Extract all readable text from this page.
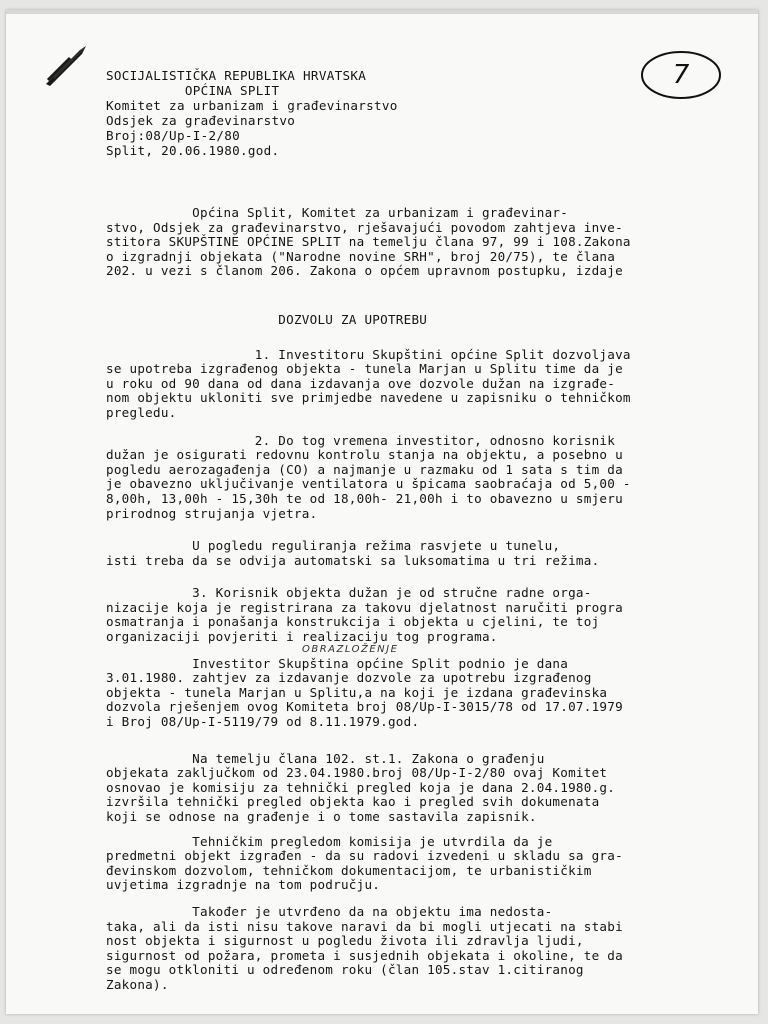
7
SOCIJALISTIČKA REPUBLIKA HRVATSKA
OPĆINA SPLIT
Komitet za urbanizam i građevinarstvo
Odsjek za građevinarstvo
Broj:08/Up-I-2/80
Split, 20.06.1980.god.
Općina Split, Komitet za urbanizam i građevinar-
stvo, Odsjek za građevinarstvo, rješavajući povodom zahtjeva inve-
stitora SKUPŠTINE OPĆINE SPLIT na temelju člana 97, 99 i 108.Zakona
o izgradnji objekata ("Narodne novine SRH", broj 20/75), te člana
202. u vezi s članom 206. Zakona o općem upravnom postupku, izdaje
DOZVOLU ZA UPOTREBU
1. Investitoru Skupštini općine Split dozvoljava
se upotreba izgrađenog objekta - tunela Marjan u Splitu time da je
u roku od 90 dana od dana izdavanja ove dozvole dužan na izgrađe-
nom objektu ukloniti sve primjedbe navedene u zapisniku o tehničkom
pregledu.
2. Do tog vremena investitor, odnosno korisnik
dužan je osigurati redovnu kontrolu stanja na objektu, a posebno u
pogledu aerozagađenja (CO) a najmanje u razmaku od 1 sata s tim da
je obavezno uključivanje ventilatora u špicama saobraćaja od 5,00 -
8,00h, 13,00h - 15,30h te od 18,00h- 21,00h i to obavezno u smjeru
prirodnog strujanja vjetra.
U pogledu reguliranja režima rasvjete u tunelu,
isti treba da se odvija automatski sa luksomatima u tri režima.
3. Korisnik objekta dužan je od stručne radne orga-
nizacije koja je registrirana za takovu djelatnost naručiti progra
osmatranja i ponašanja konstrukcija i objekta u cjelini, te toj
organizaciji povjeriti i realizaciju tog programa.
OBRAZLOŽENJE
Investitor Skupština općine Split podnio je dana
3.01.1980. zahtjev za izdavanje dozvole za upotrebu izgrađenog
objekta - tunela Marjan u Splitu,a na koji je izdana građevinska
dozvola rješenjem ovog Komiteta broj 08/Up-I-3015/78 od 17.07.1979
i Broj 08/Up-I-5119/79 od 8.11.1979.god.
Na temelju člana 102. st.1. Zakona o građenju
objekata zaključkom od 23.04.1980.broj 08/Up-I-2/80 ovaj Komitet
osnovao je komisiju za tehnički pregled koja je dana 2.04.1980.g.
izvršila tehnički pregled objekta kao i pregled svih dokumenata
koji se odnose na građenje i o tome sastavila zapisnik.
Tehničkim pregledom komisija je utvrdila da je
predmetni objekt izgrađen - da su radovi izvedeni u skladu sa gra-
đevinskom dozvolom, tehničkom dokumentacijom, te urbanističkim
uvjetima izgradnje na tom području.
Također je utvrđeno da na objektu ima nedosta-
taka, ali da isti nisu takove naravi da bi mogli utjecati na stabi
nost objekta i sigurnost u pogledu života ili zdravlja ljudi,
sigurnost od požara, prometa i susjednih objekata i okoline, te da
se mogu otkloniti u određenom roku (član 105.stav 1.citiranog
Zakona).
